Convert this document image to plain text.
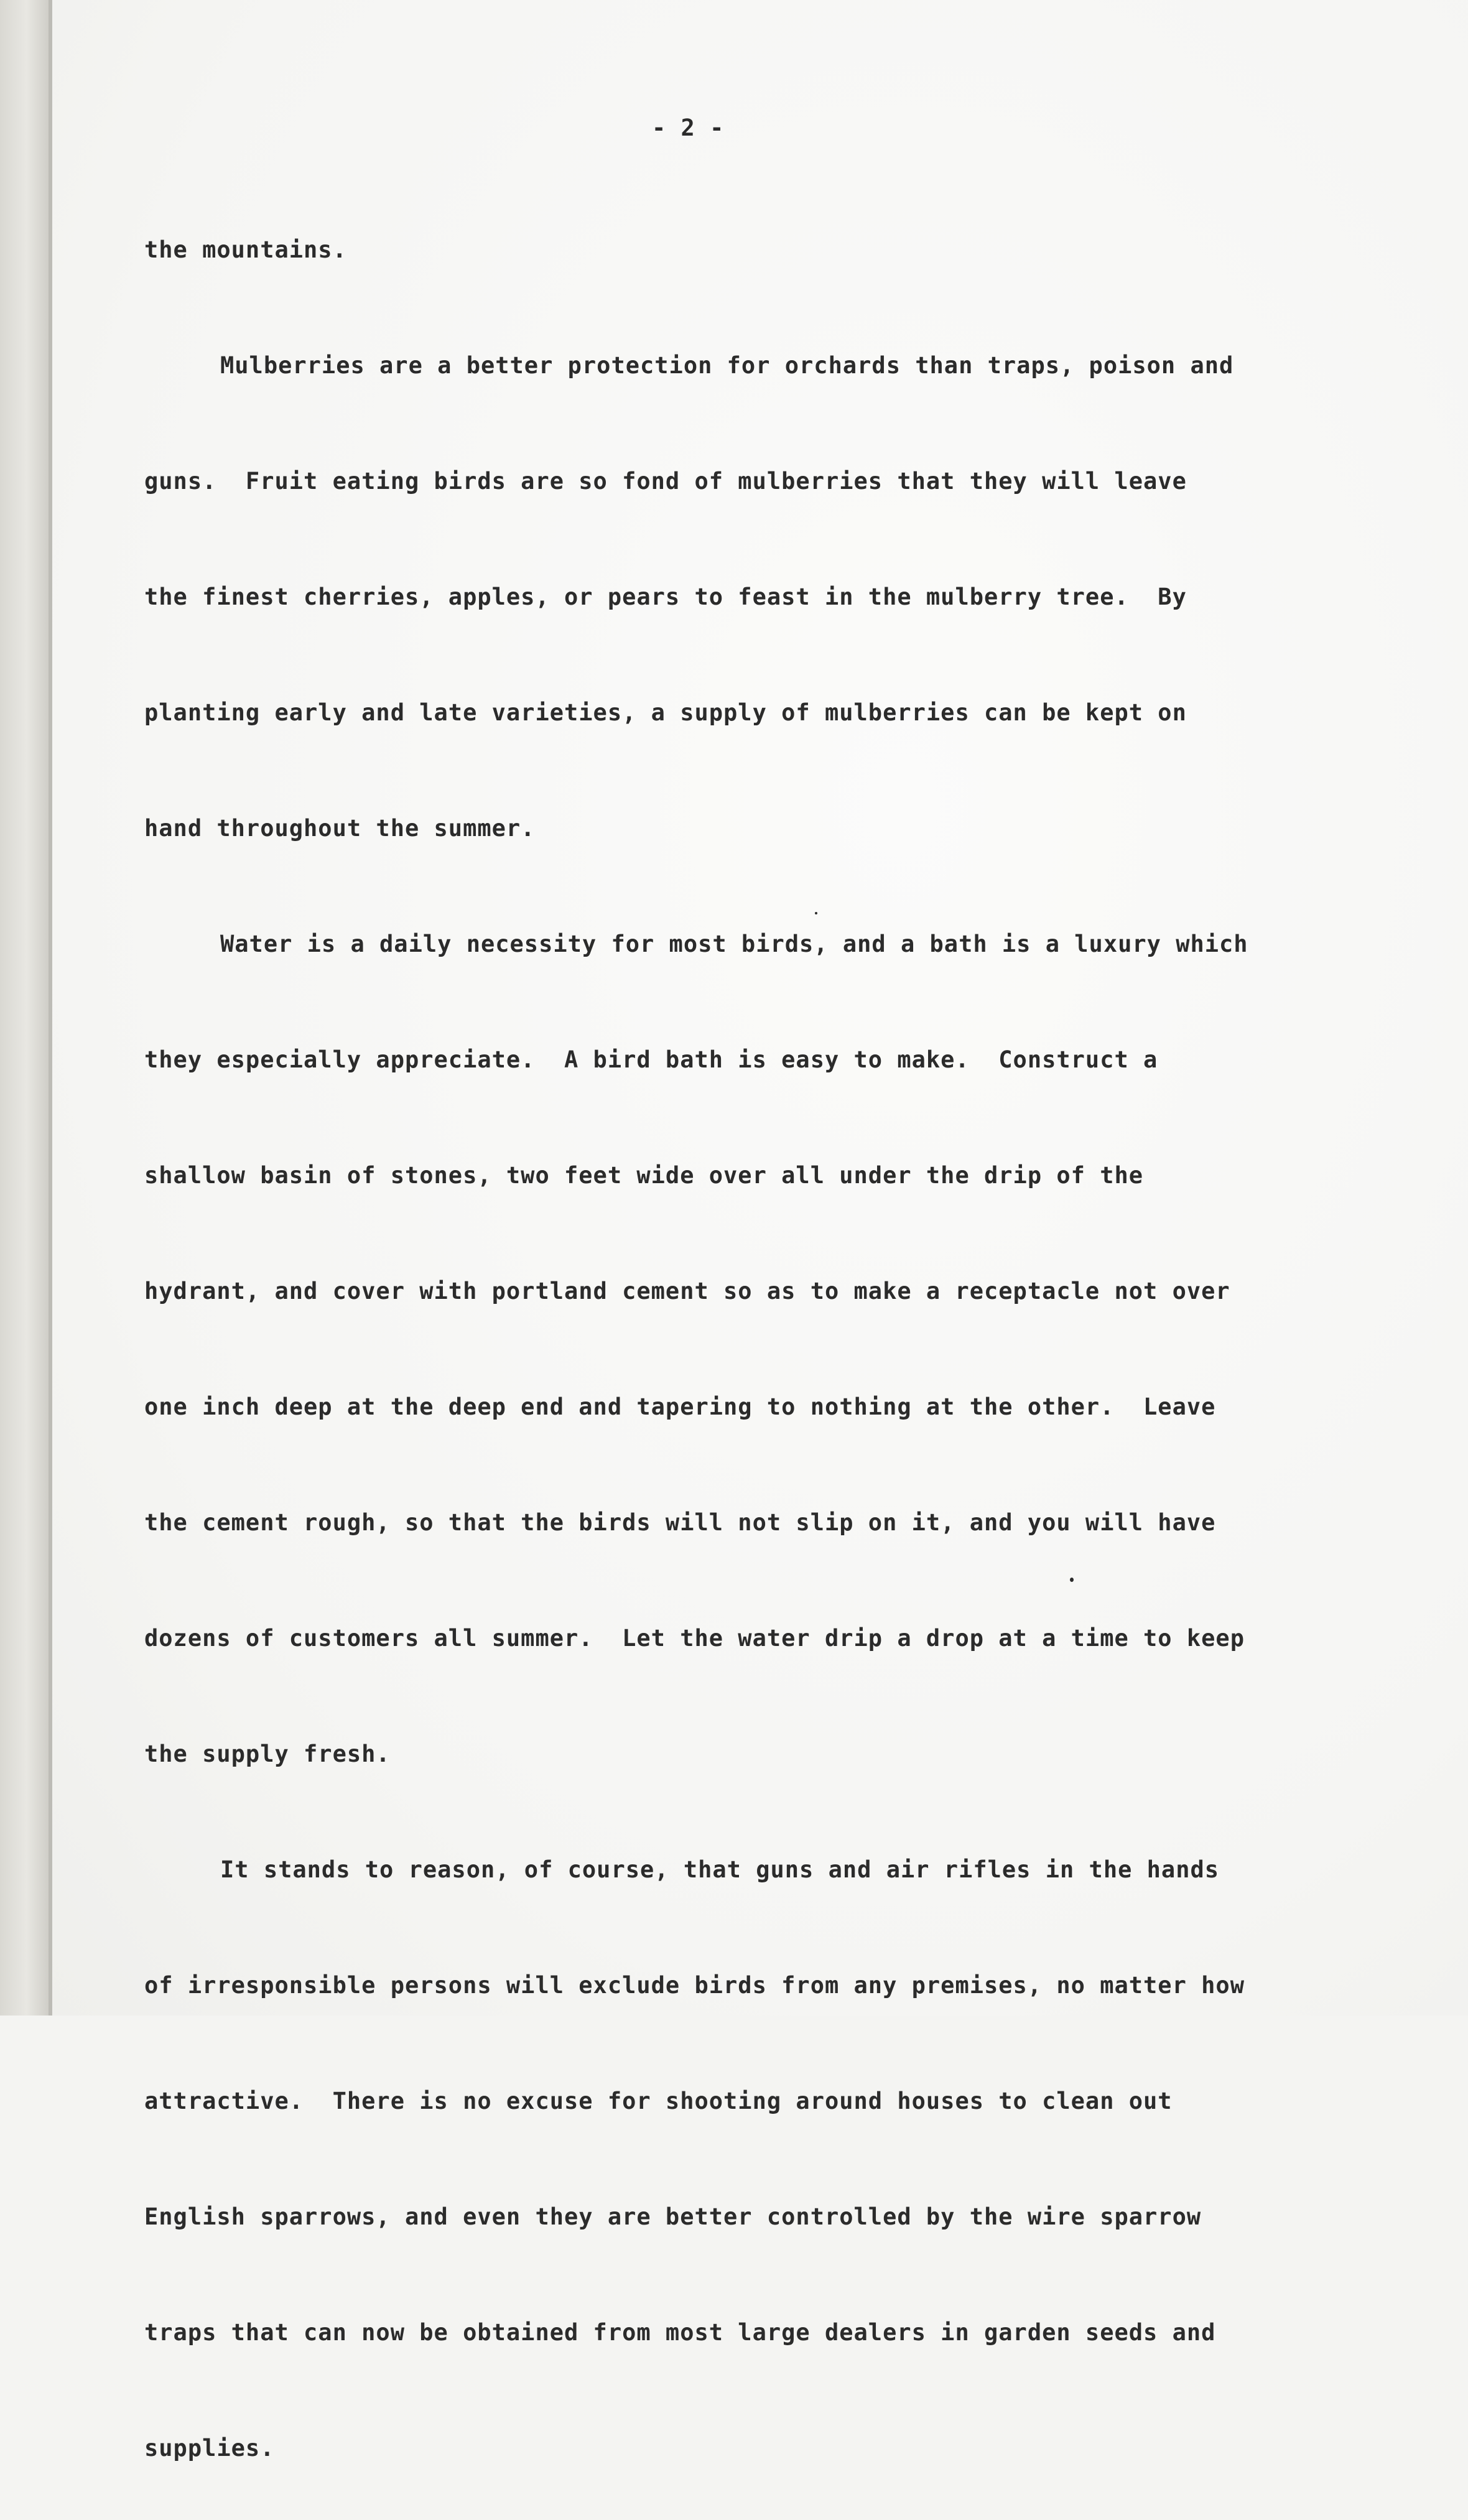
- 2 -

the mountains.

Mulberries are a better protection for orchards than traps, poison and

guns.  Fruit eating birds are so fond of mulberries that they will leave

the finest cherries, apples, or pears to feast in the mulberry tree.  By

planting early and late varieties, a supply of mulberries can be kept on

hand throughout the summer.

Water is a daily necessity for most birds, and a bath is a luxury which

they especially appreciate.  A bird bath is easy to make.  Construct a

shallow basin of stones, two feet wide over all under the drip of the

hydrant, and cover with portland cement so as to make a receptacle not over

one inch deep at the deep end and tapering to nothing at the other.  Leave

the cement rough, so that the birds will not slip on it, and you will have

dozens of customers all summer.  Let the water drip a drop at a time to keep

the supply fresh.

It stands to reason, of course, that guns and air rifles in the hands

of irresponsible persons will exclude birds from any premises, no matter how

attractive.  There is no excuse for shooting around houses to clean out

English sparrows, and even they are better controlled by the wire sparrow

traps that can now be obtained from most large dealers in garden seeds and

supplies.
